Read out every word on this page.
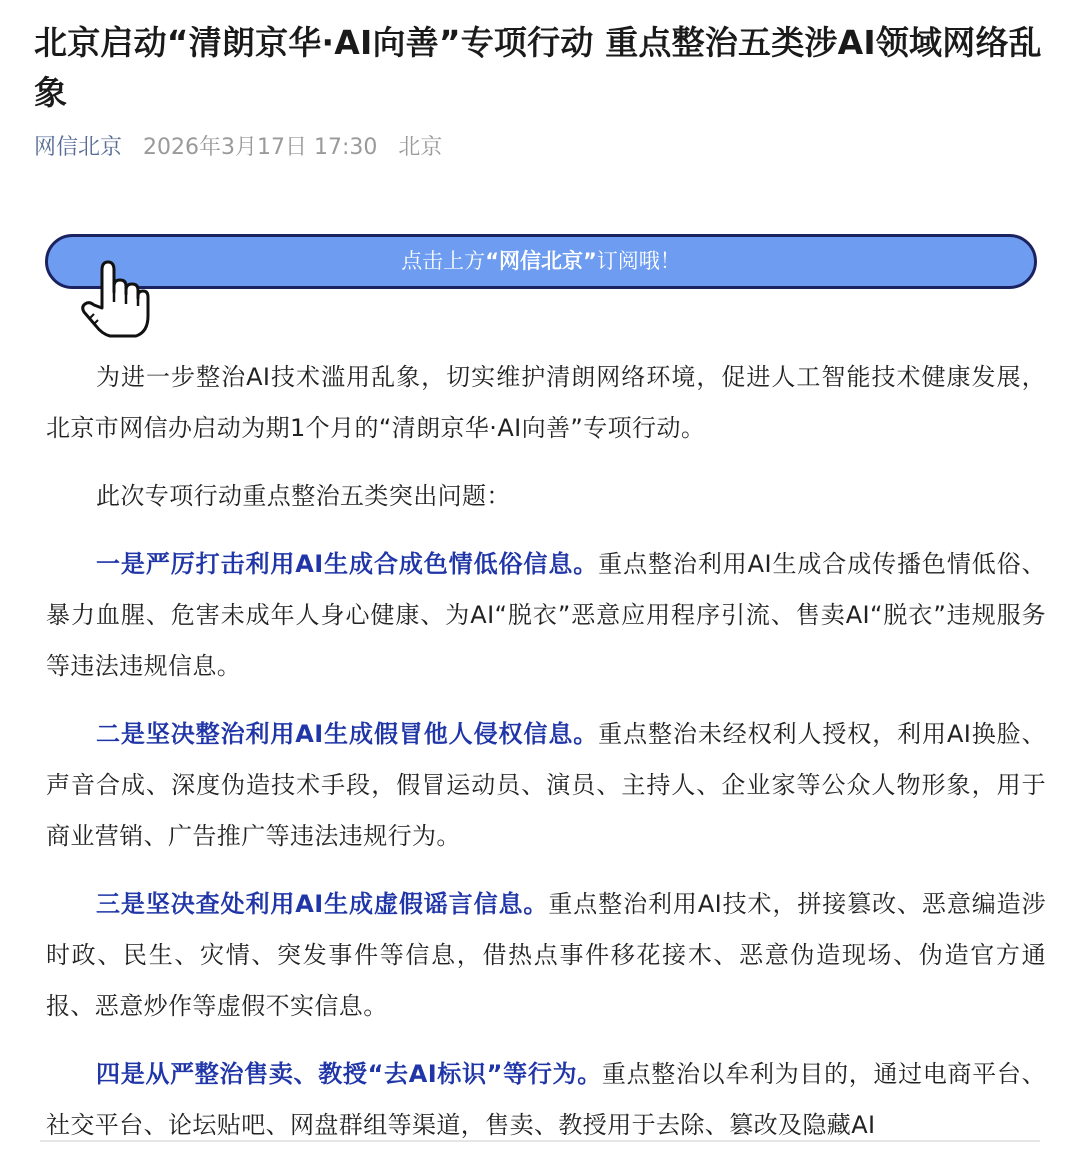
北京启动“清朗京华·AI向善”专项行动 重点整治五类涉AI领域网络乱象
网信北京 2026年3月17日 17:30 北京
点击上方“网信北京”订阅哦！

为进一步整治AI技术滥用乱象，切实维护清朗网络环境，促进人工智能技术健康发展，北京市网信办启动为期1个月的“清朗京华·AI向善”专项行动。

此次专项行动重点整治五类突出问题：

一是严厉打击利用AI生成合成色情低俗信息。重点整治利用AI生成合成传播色情低俗、暴力血腥、危害未成年人身心健康、为AI“脱衣”恶意应用程序引流、售卖AI“脱衣”违规服务等违法违规信息。

二是坚决整治利用AI生成假冒他人侵权信息。重点整治未经权利人授权，利用AI换脸、声音合成、深度伪造技术手段，假冒运动员、演员、主持人、企业家等公众人物形象，用于商业营销、广告推广等违法违规行为。

三是坚决查处利用AI生成虚假谣言信息。重点整治利用AI技术，拼接篡改、恶意编造涉时政、民生、灾情、突发事件等信息，借热点事件移花接木、恶意伪造现场、伪造官方通报、恶意炒作等虚假不实信息。

四是从严整治售卖、教授“去AI标识”等行为。重点整治以牟利为目的，通过电商平台、社交平台、论坛贴吧、网盘群组等渠道，售卖、教授用于去除、篡改及隐藏AI
